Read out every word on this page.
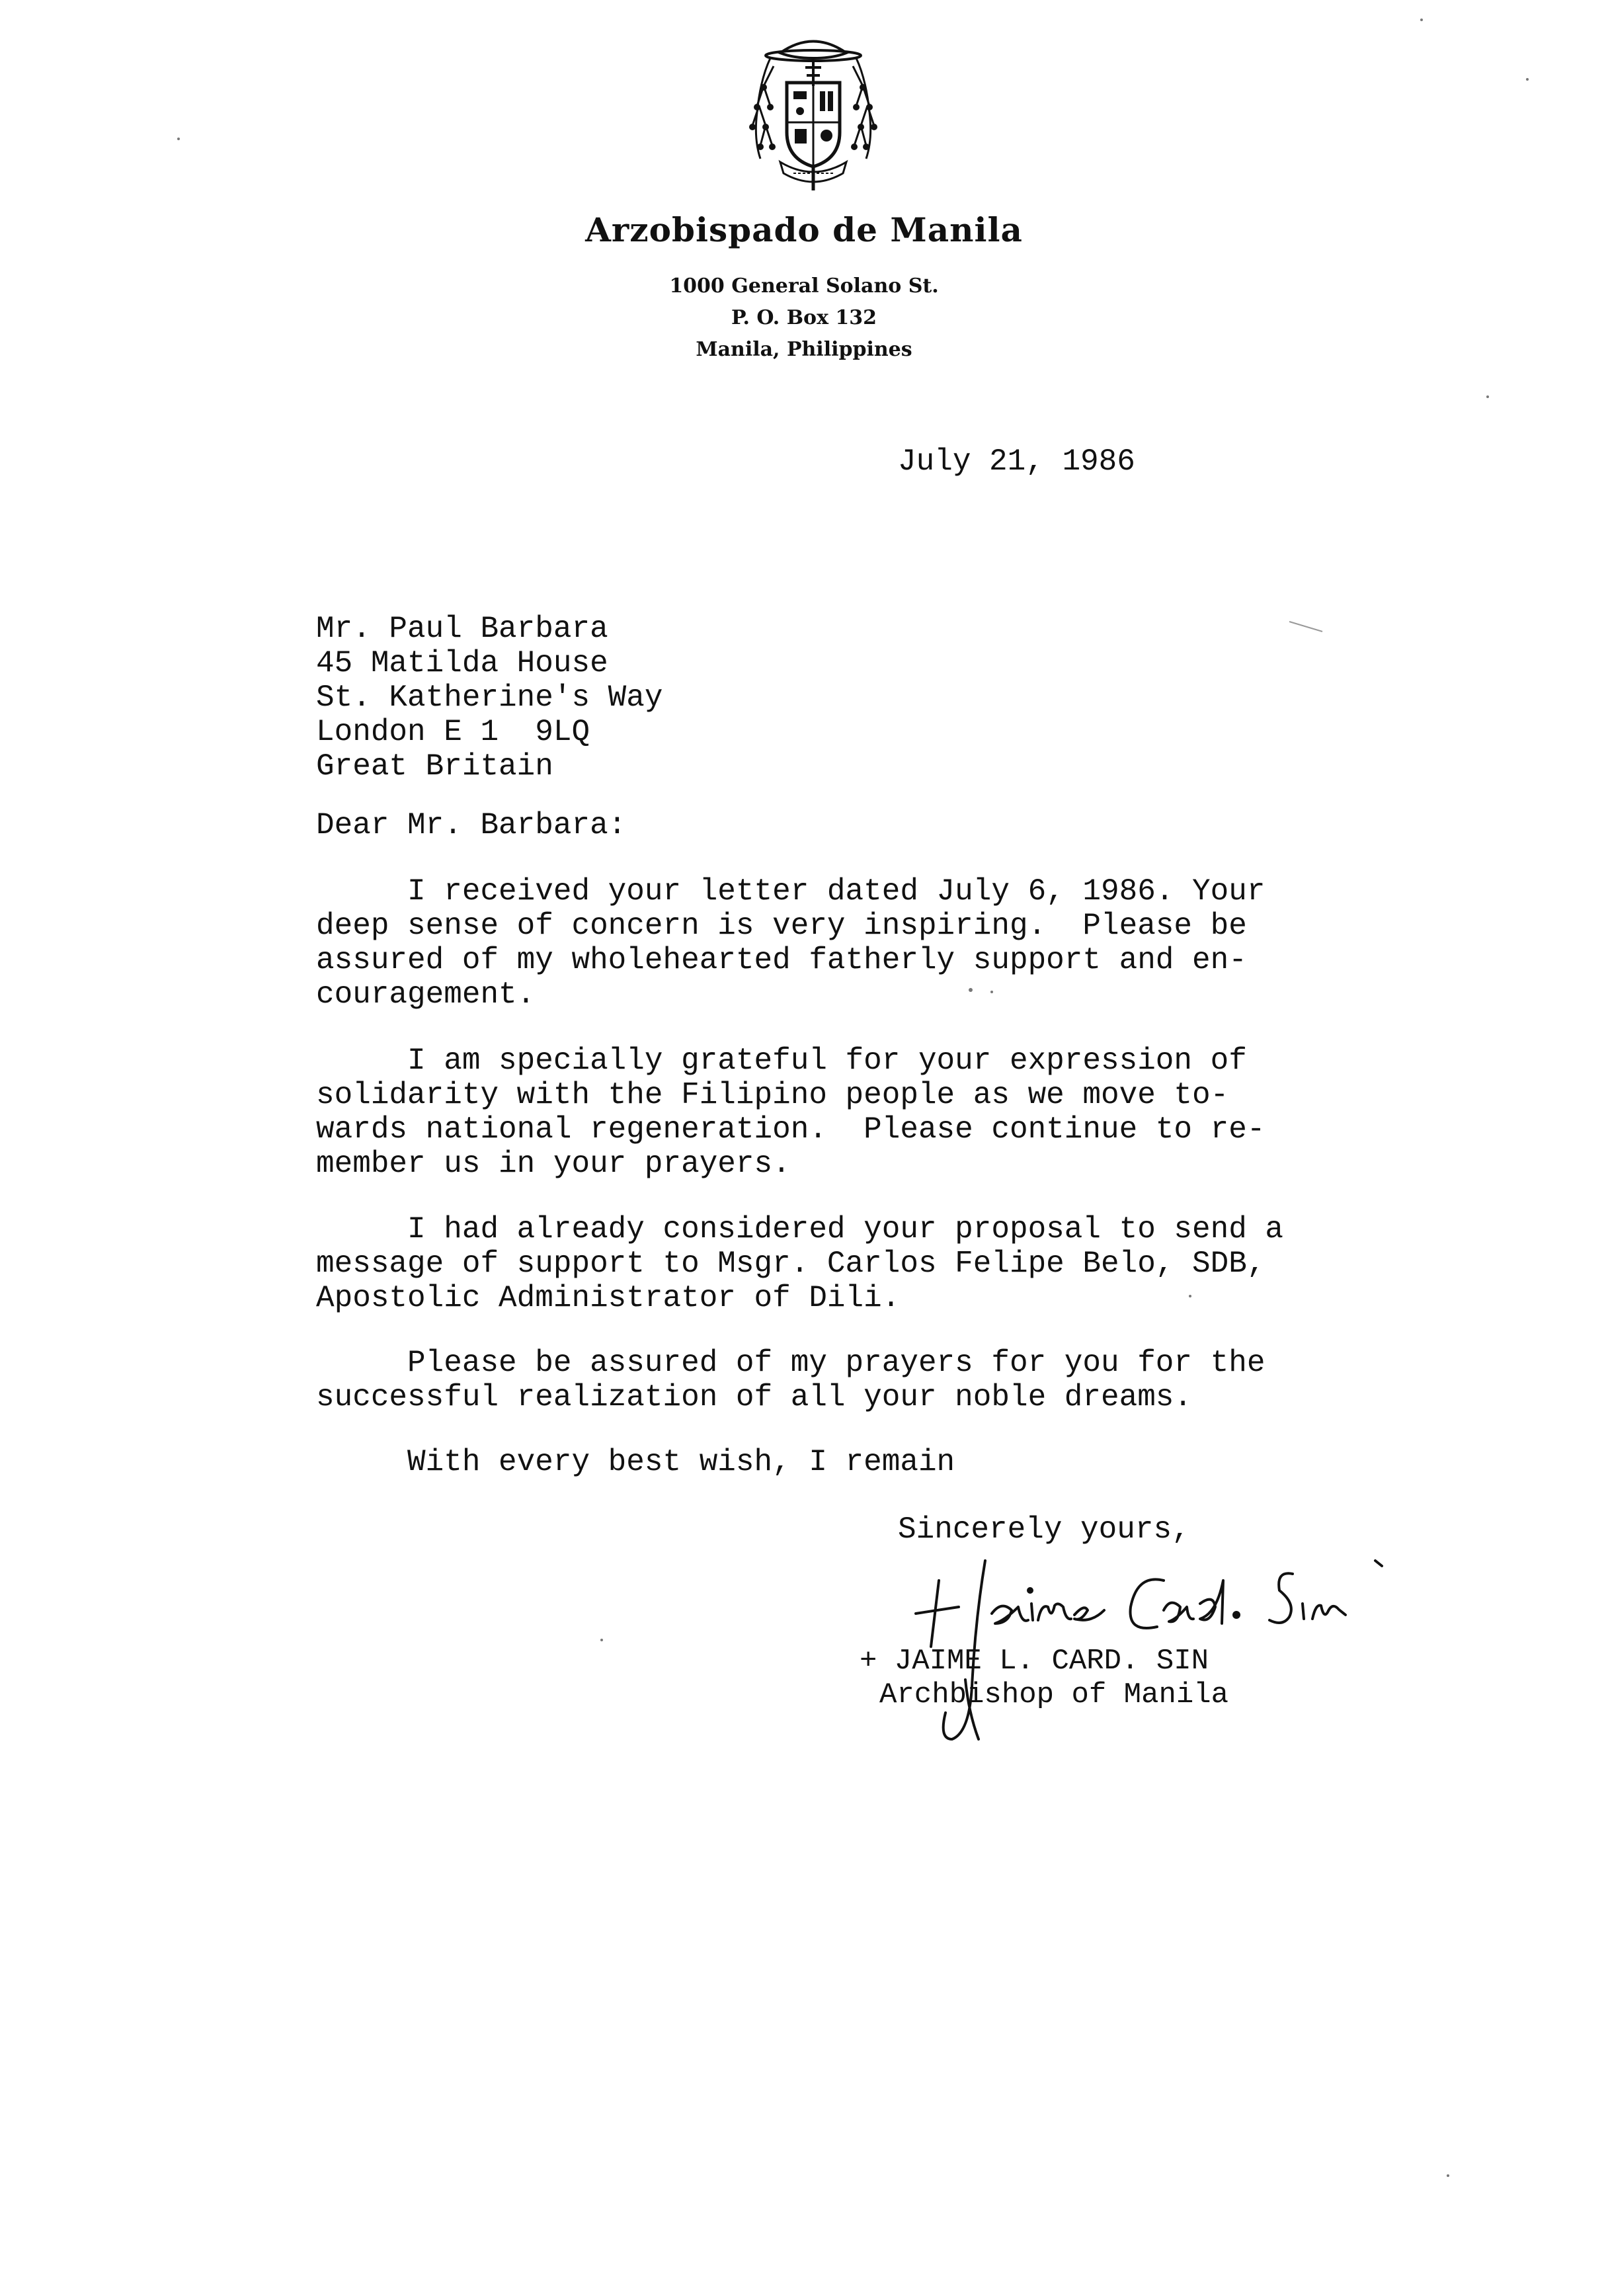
Arzobispado de Manila
1000 General Solano St.
P. O. Box 132
Manila, Philippines
July 21, 1986
Mr. Paul Barbara
45 Matilda House
St. Katherine's Way
London E 1  9LQ
Great Britain
Dear Mr. Barbara:
I received your letter dated July 6, 1986. Your
deep sense of concern is very inspiring.  Please be
assured of my wholehearted fatherly support and en-
couragement.
I am specially grateful for your expression of
solidarity with the Filipino people as we move to-
wards national regeneration.  Please continue to re-
member us in your prayers.
I had already considered your proposal to send a
message of support to Msgr. Carlos Felipe Belo, SDB,
Apostolic Administrator of Dili.
Please be assured of my prayers for you for the
successful realization of all your noble dreams.
With every best wish, I remain
Sincerely yours,
+ JAIME L. CARD. SIN
Archbishop of Manila
